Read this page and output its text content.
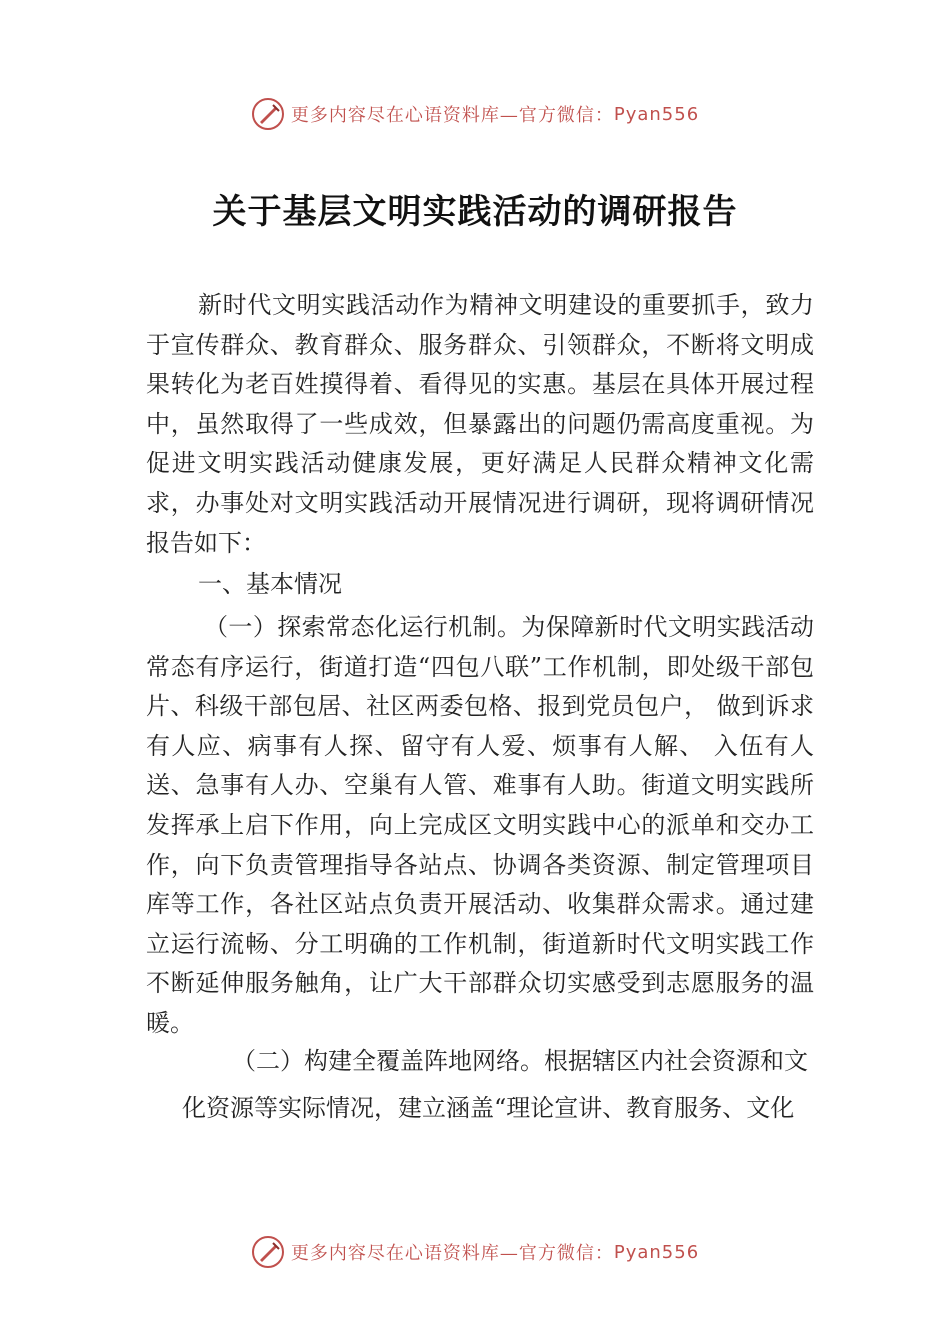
更多内容尽在心语资料库—官方微信： Pyan556
关于基层文明实践活动的调研报告
新时代文明实践活动作为精神文明建设的重要抓手，致力于宣传群众、教育群众、服务群众、引领群众，不断将文明成果转化为老百姓摸得着、看得见的实惠。基层在具体开展过程中，虽然取得了一些成效，但暴露出的问题仍需高度重视。为促进文明实践活动健康发展，更好满足人民群众精神文化需求，办事处对文明实践活动开展情况进行调研，现将调研情况报告如下：
一、基本情况
（一）探索常态化运行机制。为保障新时代文明实践活动常态有序运行，街道打造“四包八联”工作机制，即处级干部包片、科级干部包居、社区两委包格、报到党员包户， 做到诉求有人应、病事有人探、留守有人爱、烦事有人解、 入伍有人送、急事有人办、空巢有人管、难事有人助。街道文明实践所发挥承上启下作用，向上完成区文明实践中心的派单和交办工作，向下负责管理指导各站点、协调各类资源、制定管理项目库等工作，各社区站点负责开展活动、收集群众需求。通过建立运行流畅、分工明确的工作机制，街道新时代文明实践工作不断延伸服务触角，让广大干部群众切实感受到志愿服务的温暖。
（二）构建全覆盖阵地网络。根据辖区内社会资源和文
化资源等实际情况，建立涵盖“理论宣讲、教育服务、文化
更多内容尽在心语资料库—官方微信： Pyan556
